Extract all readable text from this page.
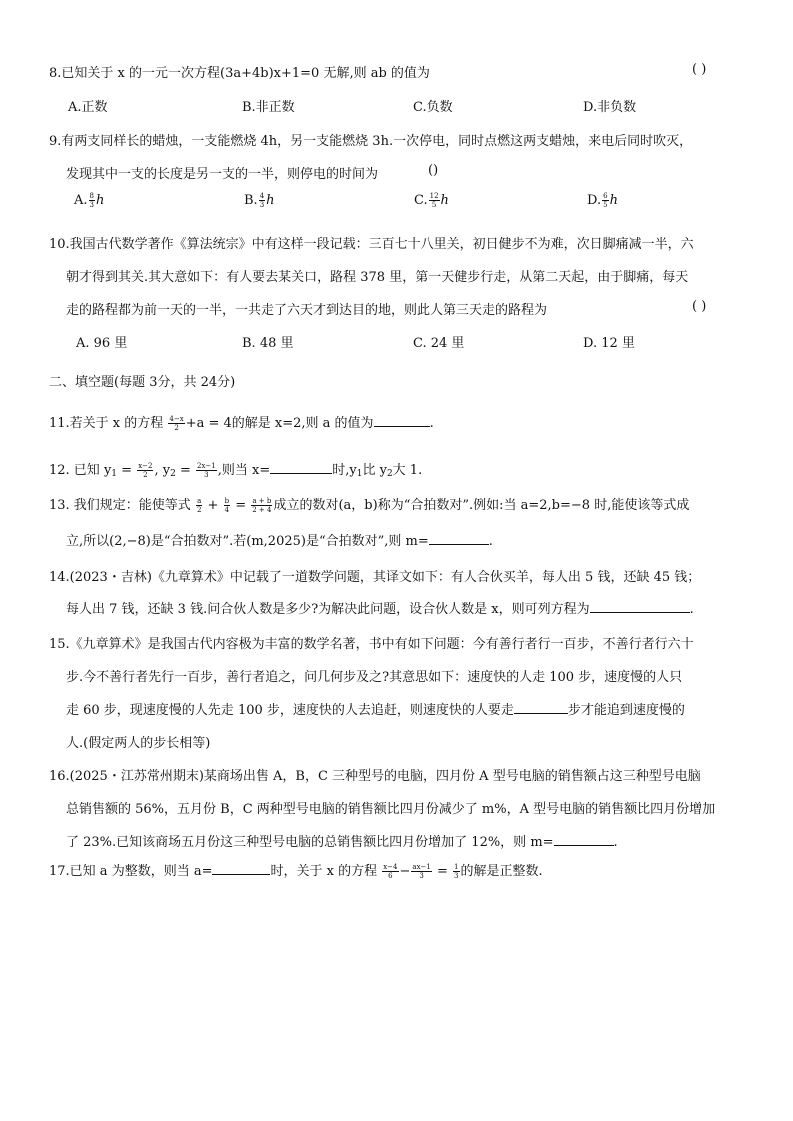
8.已知关于 x 的一元一次方程(3a+4b)x+1=0 无解,则 ab 的值为	( )
A.正数	B.非正数	C.负数	D.非负数
9.有两支同样长的蜡烛，一支能燃烧 4h，另一支能燃烧 3h.一次停电，同时点燃这两支蜡烛，来电后同时吹灭，
发现其中一支的长度是另一支的一半，则停电的时间为	()
A. $\frac{8}{3}$ h	B. $\frac{4}{3}$ h	C. $\frac{12}{5}$ h	D. $\frac{6}{5}$ h
10.我国古代数学著作《算法统宗》中有这样一段记载：三百七十八里关，初日健步不为难，次日脚痛减一半，六
朝才得到其关.其大意如下：有人要去某关口，路程 378 里，第一天健步行走，从第二天起，由于脚痛，每天
走的路程都为前一天的一半，一共走了六天才到达目的地，则此人第三天走的路程为	( )
A. 96 里	B. 48 里	C. 24 里	D. 12 里
二、填空题(每题 3分，共 24分)
11.若关于 x 的方程 $\frac{4-x}{2} +a = 4$的解是 x=2,则 a 的值为	.
12. 已知 $y_1 = \frac{x-2}{2}$ , $y_2 = \frac{2x-1}{3}$ ,则当 x=	时$,y_1$比 $y_2$大 1.
13. 我们规定：能使等式 $\frac{a}{2} + \frac{b}{4} = \frac{a + b}{2 + 4}$ 成立的数对(a，b)称为“合拍数对”.例如:当 a=2,b=−8 时,能使该等式成
立,所以(2,−8)是“合拍数对”.若(m,2025)是“合拍数对”,则 m=	.
14.(2023・吉林)《九章算术》中记载了一道数学问题，其译文如下：有人合伙买羊，每人出 5 钱，还缺 45 钱；
每人出 7 钱，还缺 3 钱.问合伙人数是多少?为解决此问题，设合伙人数是 x，则可列方程为	.
15.《九章算术》是我国古代内容极为丰富的数学名著，书中有如下问题：今有善行者行一百步，不善行者行六十
步.今不善行者先行一百步，善行者追之，问几何步及之?其意思如下：速度快的人走 100 步，速度慢的人只
走 60 步，现速度慢的人先走 100 步，速度快的人去追赶，则速度快的人要走	步才能追到速度慢的
人.(假定两人的步长相等)
16.(2025・江苏常州期末)某商场出售 A，B，C 三种型号的电脑，四月份 A 型号电脑的销售额占这三种型号电脑
总销售额的 56%，五月份 B，C 两种型号电脑的销售额比四月份减少了 m%，A 型号电脑的销售额比四月份增加
了 23%.已知该商场五月份这三种型号电脑的总销售额比四月份增加了 12%，则 m=	.
17.已知 a 为整数，则当 a=	时，关于 x 的方程 $\frac{x-4}{6} - \frac{ax-1}{3} = \frac{1}{3}$ 的解是正整数.
